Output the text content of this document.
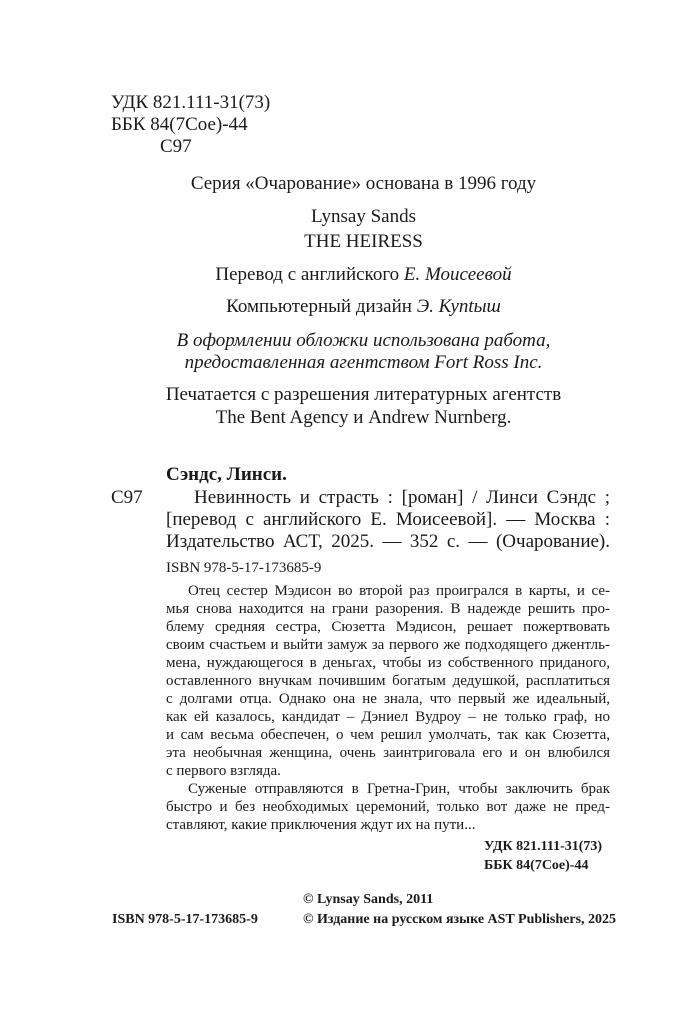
УДК 821.111-31(73)
ББК 84(7Сое)-44
С97
Серия «Очарование» основана в 1996 году
Lynsay Sands
THE HEIRESS
Перевод с английского Е. Моисеевой
Компьютерный дизайн Э. Куntыш
В оформлении обложки использована работа,
предоставленная агентством Fort Ross Inc.
Печатается с разрешения литературных агентств
The Bent Agency и Andrew Nurnberg.
Сэндс, Линси.
С97	Невинность и страсть : [роман] / Линси Сэндс ;
[перевод с английского Е. Моисеевой]. — Москва :
Издательство АСТ, 2025. — 352 с. — (Очарование).
ISBN 978-5-17-173685-9
Отец сестер Мэдисон во второй раз проигрался в карты, и се-
мья снова находится на грани разорения. В надежде решить про-
блему средняя сестра, Сюзетта Мэдисон, решает пожертвовать
своим счастьем и выйти замуж за первого же подходящего джентль-
мена, нуждающегося в деньгах, чтобы из собственного приданого,
оставленного внучкам почившим богатым дедушкой, расплатиться
с долгами отца. Однако она не знала, что первый же идеальный,
как ей казалось, кандидат – Дэниел Вудроу – не только граф, но
и сам весьма обеспечен, о чем решил умолчать, так как Сюзетта,
эта необычная женщина, очень заинтриговала его и он влюбился
с первого взгляда.
Суженые отправляются в Гретна-Грин, чтобы заключить брак
быстро и без необходимых церемоний, только вот даже не пред-
ставляют, какие приключения ждут их на пути...
УДК 821.111-31(73)
ББК 84(7Сое)-44
© Lynsay Sands, 2011
ISBN 978-5-17-173685-9	© Издание на русском языке AST Publishers, 2025
